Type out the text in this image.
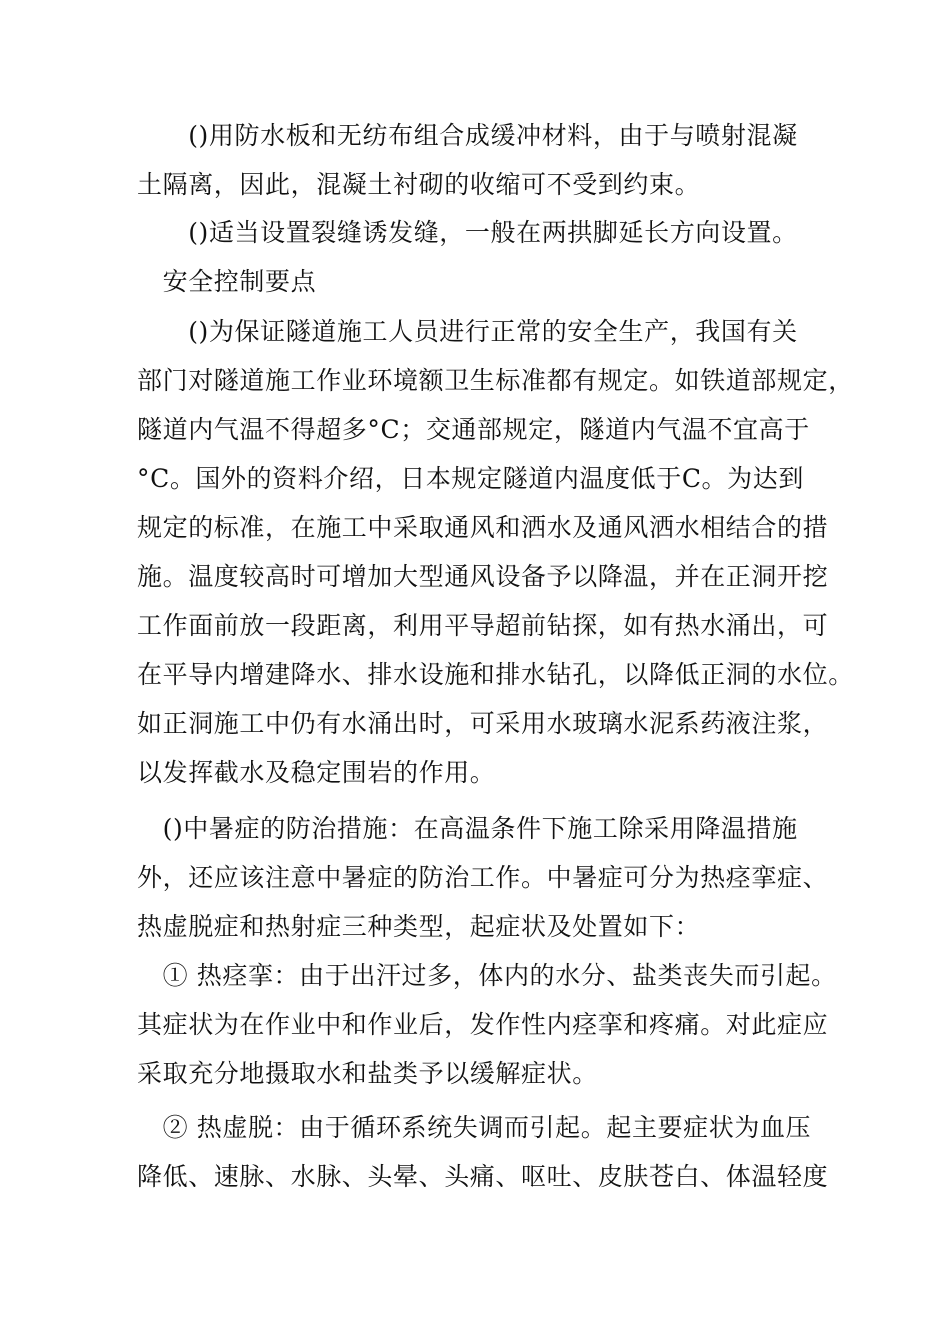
　　()用防水板和无纺布组合成缓冲材料，由于与喷射混凝
土隔离，因此，混凝土衬砌的收缩可不受到约束。
　　()适当设置裂缝诱发缝，一般在两拱脚延长方向设置。
　安全控制要点
　　()为保证隧道施工人员进行正常的安全生产，我国有关
部门对隧道施工作业环境额卫生标准都有规定。如铁道部规定，
隧道内气温不得超多°C；交通部规定，隧道内气温不宜高于
°C。国外的资料介绍，日本规定隧道内温度低于C。为达到
规定的标准，在施工中采取通风和洒水及通风洒水相结合的措
施。温度较高时可增加大型通风设备予以降温，并在正洞开挖
工作面前放一段距离，利用平导超前钻探，如有热水涌出，可
在平导内增建降水、排水设施和排水钻孔，以降低正洞的水位。
如正洞施工中仍有水涌出时，可采用水玻璃水泥系药液注浆，
以发挥截水及稳定围岩的作用。
　()中暑症的防治措施：在高温条件下施工除采用降温措施
外，还应该注意中暑症的防治工作。中暑症可分为热痉挛症、
热虚脱症和热射症三种类型，起症状及处置如下：
　① 热痉挛：由于出汗过多，体内的水分、盐类丧失而引起。
其症状为在作业中和作业后，发作性内痉挛和疼痛。对此症应
采取充分地摄取水和盐类予以缓解症状。
　② 热虚脱：由于循环系统失调而引起。起主要症状为血压
降低、速脉、水脉、头晕、头痛、呕吐、皮肤苍白、体温轻度
